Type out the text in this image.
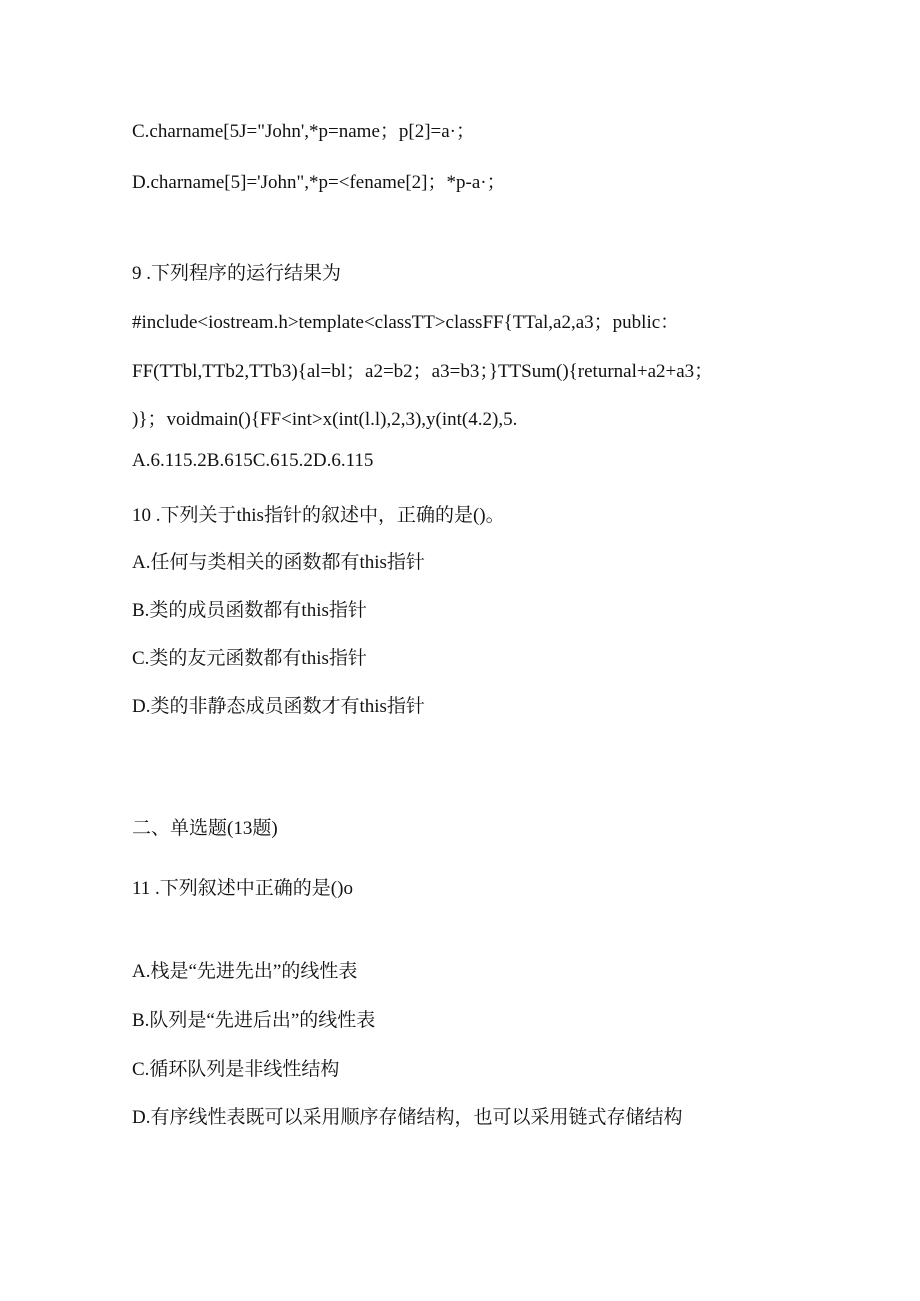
C.charname[5J="John',*p=name；p[2]=a·；
D.charname[5]='John",*p=<fename[2]；*p-a·；
9 .下列程序的运行结果为
#include<iostream.h>template<classTT>classFF{TTal,a2,a3；public：
FF(TTbl,TTb2,TTb3){al=bl；a2=b2；a3=b3；}TTSum(){returnal+a2+a3；
)}；voidmain(){FF<int>x(int(l.l),2,3),y(int(4.2),5.
A.6.115.2B.615C.615.2D.6.115
10 .下列关于this指针的叙述中，正确的是()。
A.任何与类相关的函数都有this指针
B.类的成员函数都有this指针
C.类的友元函数都有this指针
D.类的非静态成员函数才有this指针
二、单选题(13题)
11 .下列叙述中正确的是()o
A.栈是“先进先出”的线性表
B.队列是“先进后出”的线性表
C.循环队列是非线性结构
D.有序线性表既可以采用顺序存储结构，也可以采用链式存储结构
